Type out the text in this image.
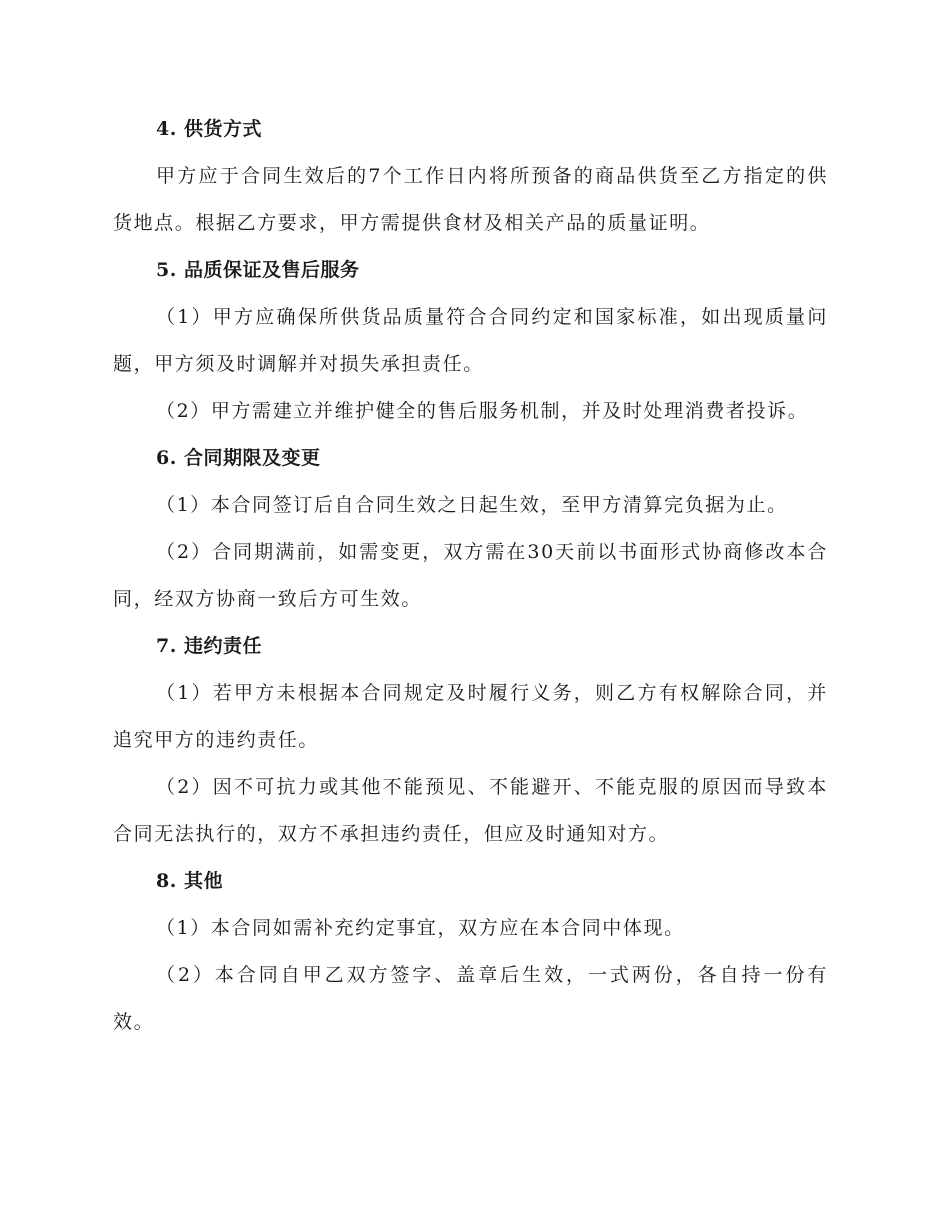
4. 供货方式

甲方应于合同生效后的7个工作日内将所预备的商品供货至乙方指定的供货地点。根据乙方要求，甲方需提供食材及相关产品的质量证明。

5. 品质保证及售后服务

（1）甲方应确保所供货品质量符合合同约定和国家标准，如出现质量问题，甲方须及时调解并对损失承担责任。

（2）甲方需建立并维护健全的售后服务机制，并及时处理消费者投诉。

6. 合同期限及变更

（1）本合同签订后自合同生效之日起生效，至甲方清算完负据为止。

（2）合同期满前，如需变更，双方需在30天前以书面形式协商修改本合同，经双方协商一致后方可生效。

7. 违约责任

（1）若甲方未根据本合同规定及时履行义务，则乙方有权解除合同，并追究甲方的违约责任。

（2）因不可抗力或其他不能预见、不能避开、不能克服的原因而导致本合同无法执行的，双方不承担违约责任，但应及时通知对方。

8. 其他

（1）本合同如需补充约定事宜，双方应在本合同中体现。

（2）本合同自甲乙双方签字、盖章后生效，一式两份，各自持一份有效。
